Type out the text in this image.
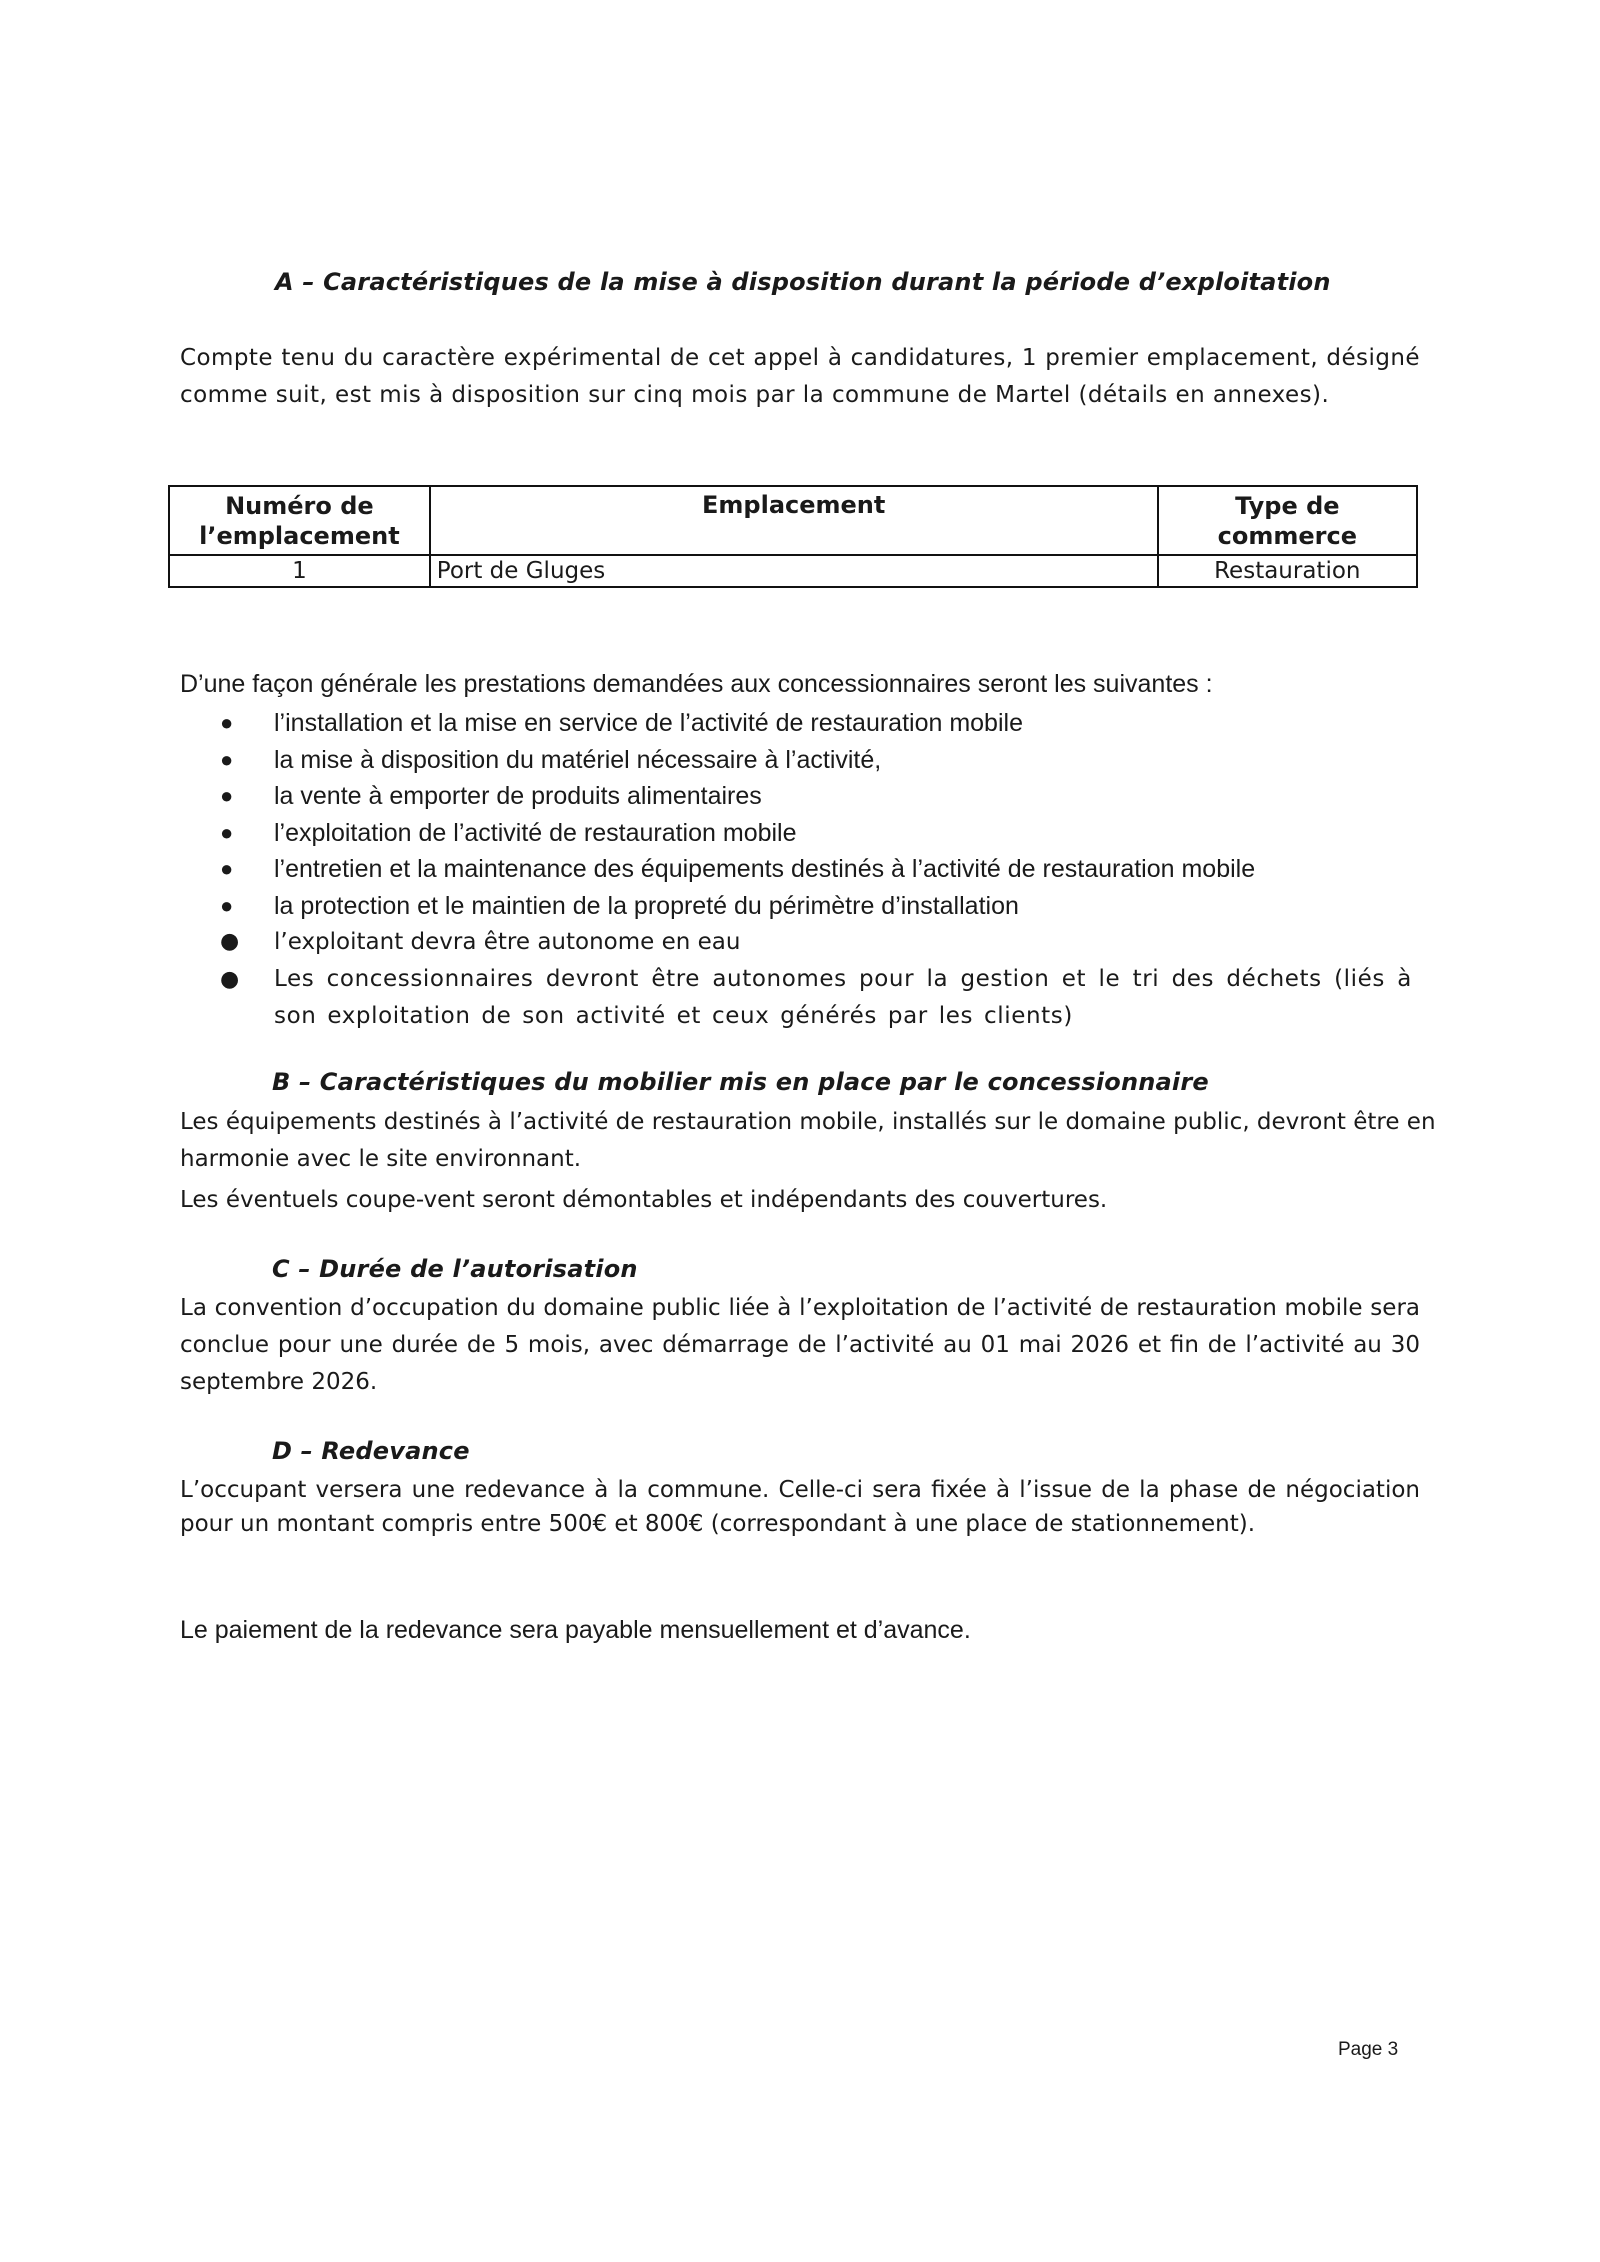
A – Caractéristiques de la mise à disposition durant la période d’exploitation
Compte tenu du caractère expérimental de cet appel à candidatures, 1 premier emplacement, désigné comme suit, est mis à disposition sur cinq mois par la commune de Martel (détails en annexes).
Numéro de l’emplacement	Emplacement	Type de commerce
1	Port de Gluges	Restauration
D’une façon générale les prestations demandées aux concessionnaires seront les suivantes :
● l’installation et la mise en service de l’activité de restauration mobile
● la mise à disposition du matériel nécessaire à l’activité,
● la vente à emporter de produits alimentaires
● l’exploitation de l’activité de restauration mobile
● l’entretien et la maintenance des équipements destinés à l’activité de restauration mobile
● la protection et le maintien de la propreté du périmètre d’installation
● l’exploitant devra être autonome en eau
● Les concessionnaires devront être autonomes pour la gestion et le tri des déchets (liés à son exploitation de son activité et ceux générés par les clients)
B – Caractéristiques du mobilier mis en place par le concessionnaire
Les équipements destinés à l’activité de restauration mobile, installés sur le domaine public, devront être en harmonie avec le site environnant.
Les éventuels coupe-vent seront démontables et indépendants des couvertures.
C – Durée de l’autorisation
La convention d’occupation du domaine public liée à l’exploitation de l’activité de restauration mobile sera conclue pour une durée de 5 mois, avec démarrage de l’activité au 01 mai 2026 et fin de l’activité au 30 septembre 2026.
D – Redevance
L’occupant versera une redevance à la commune. Celle-ci sera fixée à l’issue de la phase de négociation pour un montant compris entre 500€ et 800€ (correspondant à une place de stationnement).
Le paiement de la redevance sera payable mensuellement et d’avance.
Page 3
